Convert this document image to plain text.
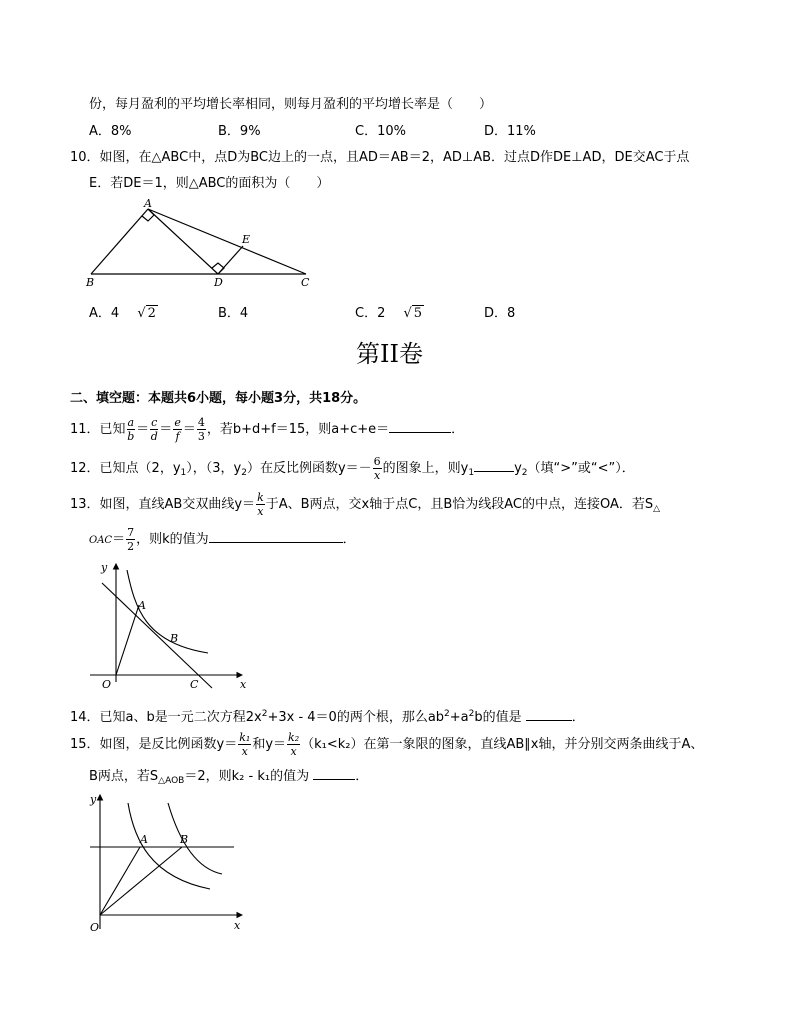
份，每月盈利的平均增长率相同，则每月盈利的平均增长率是（　　）
A．8%	B．9%	C．10%	D．11%
10．如图，在△ABC中，点D为BC边上的一点，且AD＝AB＝2，AD⊥AB．过点D作DE⊥AD，DE交AC于点
E．若DE＝1，则△ABC的面积为（　　）
A
B	D	C
E
A．4 √ 2	B．4	C．2 √ 5	D．8
第II卷
二、填空题：本题共6小题，每小题3分，共18分。
11．已知 $\frac{a}{b} = \frac{c}{d} = \frac{e}{f} = \frac{4}{3}$ ，若b+d+f＝15，则a+c+e＝	．
12．已知点（2，$y_1$），（3，$y_2$）在反比例函数$y=- \frac{6}{x}$ 的图象上，则$y_1$	$y_2$（填“>”或“<”）．
13．如图，直线AB交双曲线$y= \frac{k}{x}$ 于A、B两点，交x轴于点C，且B恰为线段AC的中点，连接OA．若$S_\triangle$
$OAC= \frac{7}{2}$ ，则k的值为	．
y
x
O
A
B
C
14．已知a、b是一元二次方程$2x^2+3x - 4=0$的两个根，那么$ab^2+a^2b$的值是	．
15．如图，是反比例函数$y= \frac{\text{k₁}}{x}$ 和$y= \frac{\text{k₂}}{x} (k_1<k_2)$在第一象限的图象，直线AB∥x轴，并分别交两条曲线于A、
B两点，若$S_{\triangle AOB}=2$，则k₂ - k₁的值为	．
y
x
O
A	B
